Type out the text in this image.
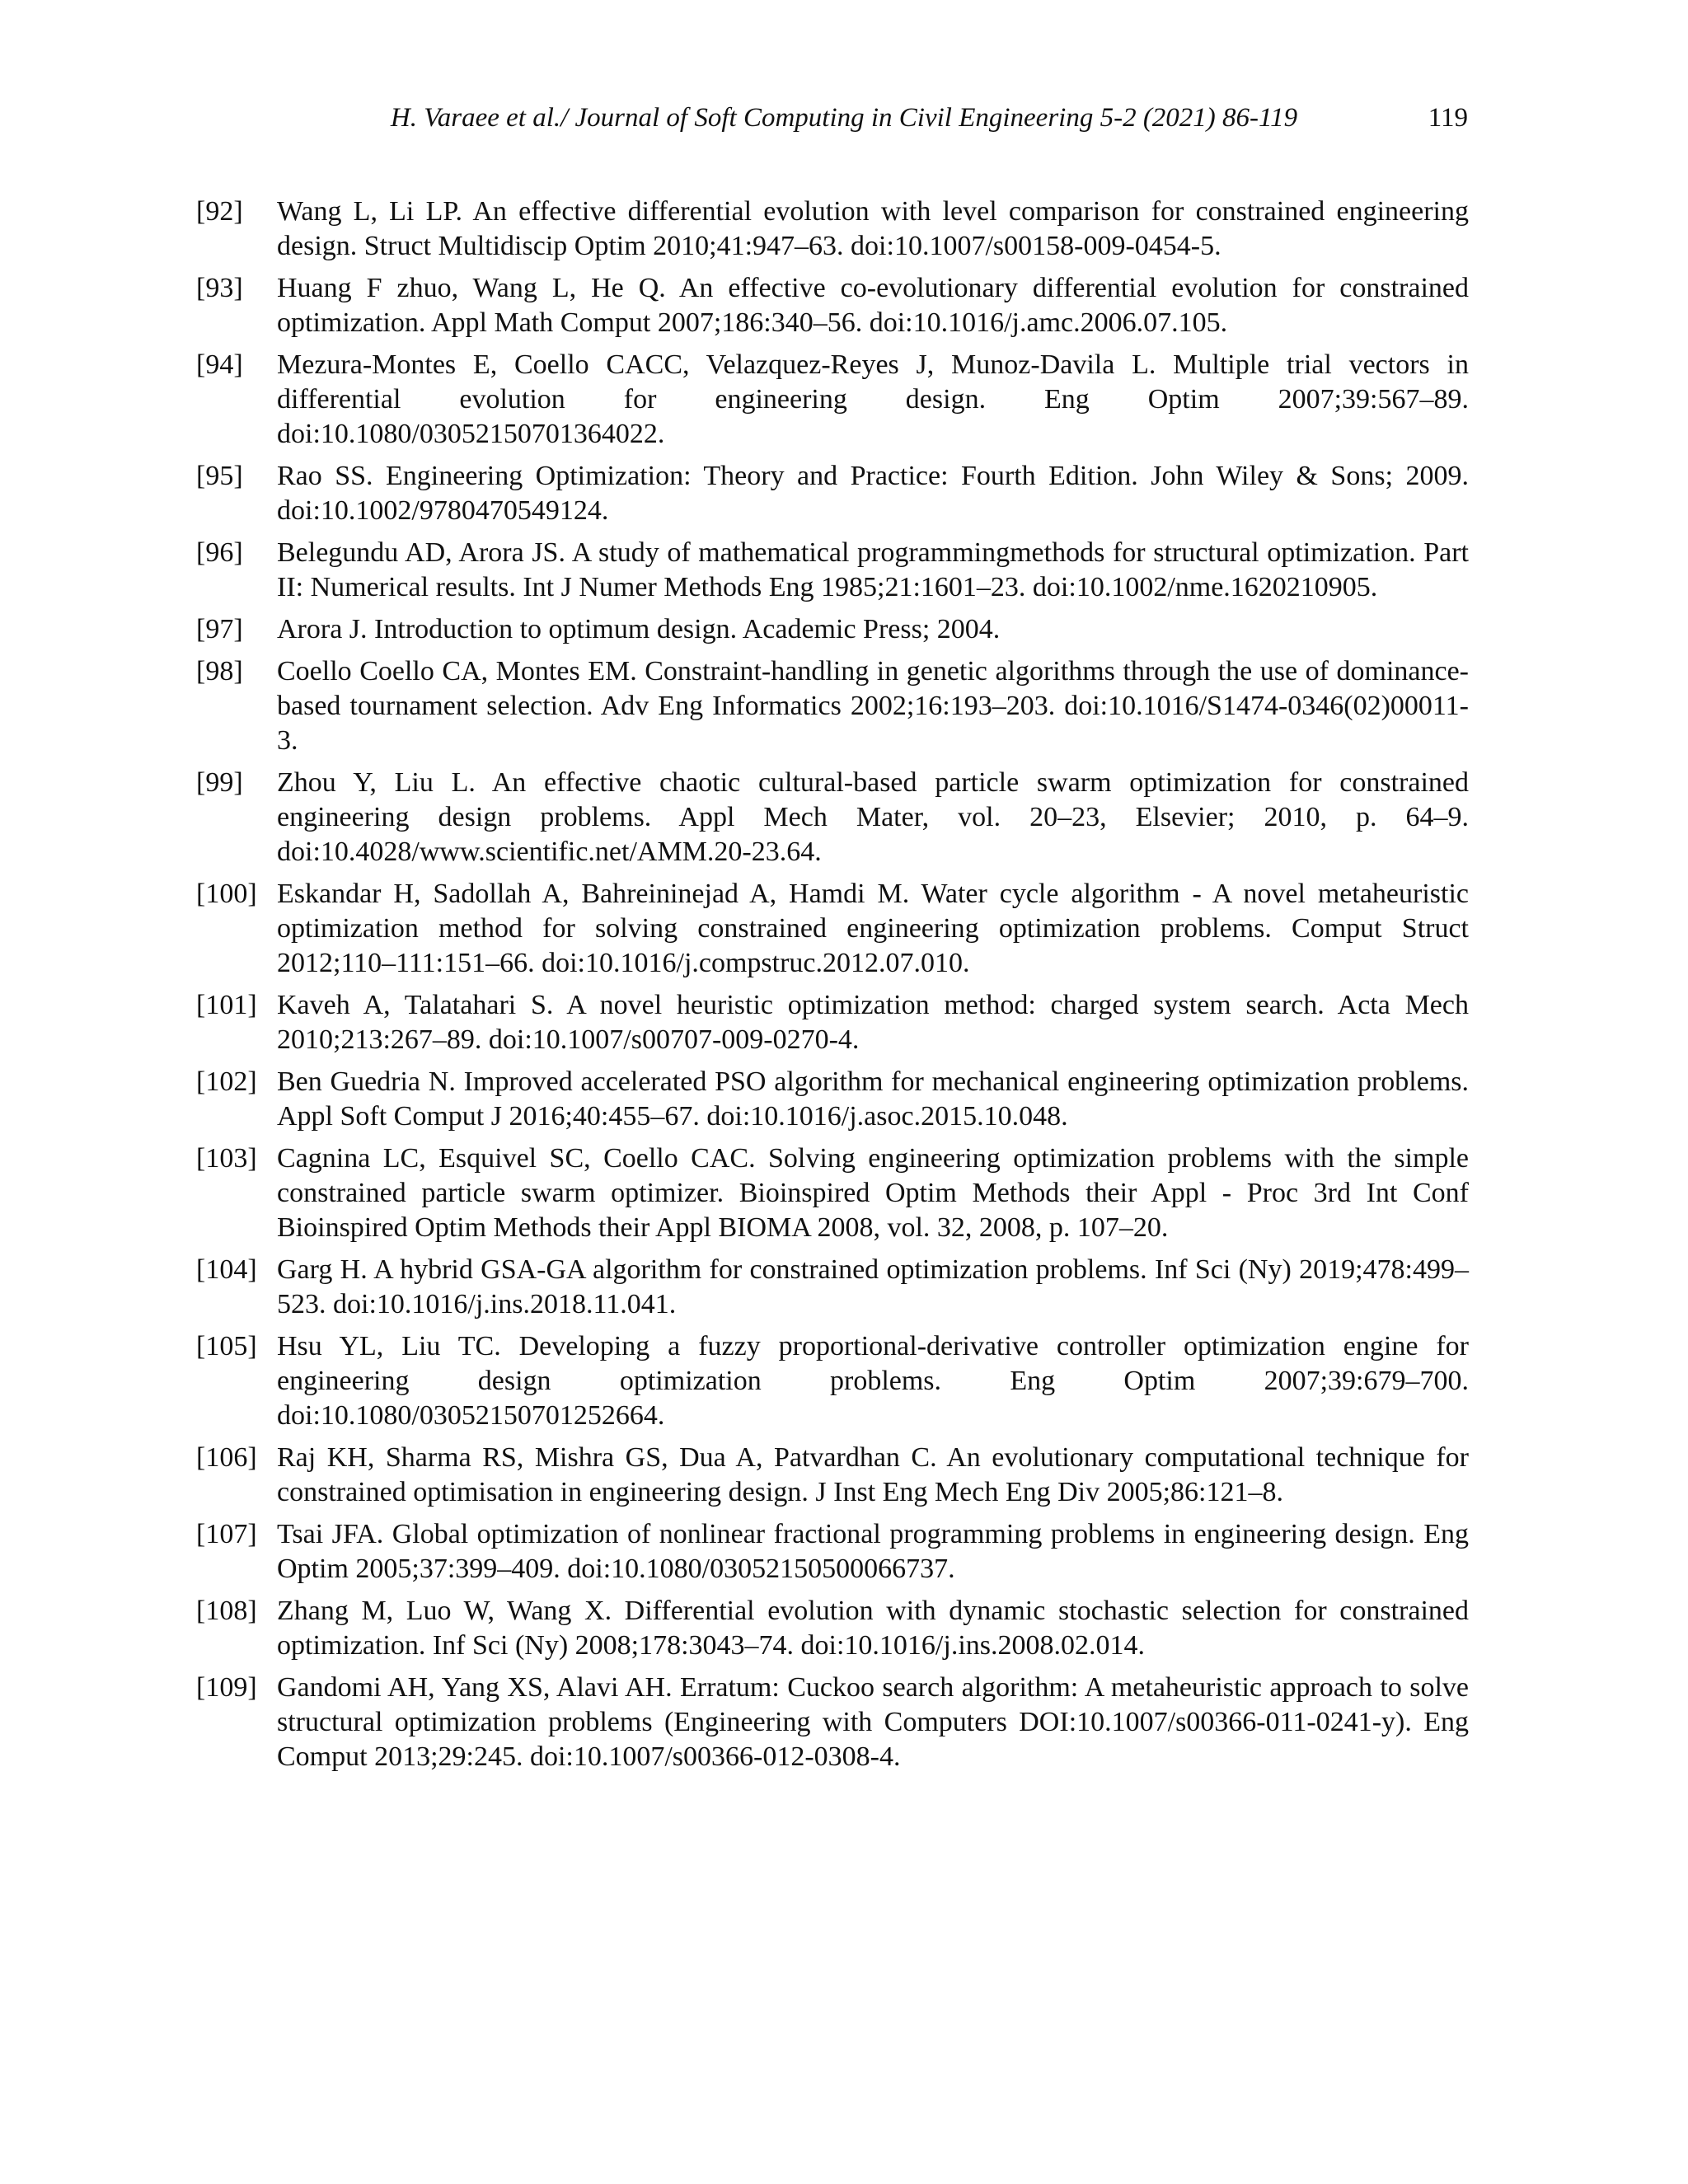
H. Varaee et al./ Journal of Soft Computing in Civil Engineering 5-2 (2021) 86-119	119
[92]	Wang L, Li LP. An effective differential evolution with level comparison for constrained engineering design. Struct Multidiscip Optim 2010;41:947–63. doi:10.1007/s00158-009-0454-5.
[93]	Huang F zhuo, Wang L, He Q. An effective co-evolutionary differential evolution for constrained optimization. Appl Math Comput 2007;186:340–56. doi:10.1016/j.amc.2006.07.105.
[94]	Mezura-Montes E, Coello CACC, Velazquez-Reyes J, Munoz-Davila L. Multiple trial vectors in differential evolution for engineering design. Eng Optim 2007;39:567–89. doi:10.1080/03052150701364022.
[95]	Rao SS. Engineering Optimization: Theory and Practice: Fourth Edition. John Wiley & Sons; 2009. doi:10.1002/9780470549124.
[96]	Belegundu AD, Arora JS. A study of mathematical programmingmethods for structural optimization. Part II: Numerical results. Int J Numer Methods Eng 1985;21:1601–23. doi:10.1002/nme.1620210905.
[97]	Arora J. Introduction to optimum design. Academic Press; 2004.
[98]	Coello Coello CA, Montes EM. Constraint-handling in genetic algorithms through the use of dominance-based tournament selection. Adv Eng Informatics 2002;16:193–203. doi:10.1016/S1474-0346(02)00011-3.
[99]	Zhou Y, Liu L. An effective chaotic cultural-based particle swarm optimization for constrained engineering design problems. Appl Mech Mater, vol. 20–23, Elsevier; 2010, p. 64–9. doi:10.4028/www.scientific.net/AMM.20-23.64.
[100] Eskandar H, Sadollah A, Bahreininejad A, Hamdi M. Water cycle algorithm - A novel metaheuristic optimization method for solving constrained engineering optimization problems. Comput Struct 2012;110–111:151–66. doi:10.1016/j.compstruc.2012.07.010.
[101] Kaveh A, Talatahari S. A novel heuristic optimization method: charged system search. Acta Mech 2010;213:267–89. doi:10.1007/s00707-009-0270-4.
[102] Ben Guedria N. Improved accelerated PSO algorithm for mechanical engineering optimization problems. Appl Soft Comput J 2016;40:455–67. doi:10.1016/j.asoc.2015.10.048.
[103] Cagnina LC, Esquivel SC, Coello CAC. Solving engineering optimization problems with the simple constrained particle swarm optimizer. Bioinspired Optim Methods their Appl - Proc 3rd Int Conf Bioinspired Optim Methods their Appl BIOMA 2008, vol. 32, 2008, p. 107–20.
[104] Garg H. A hybrid GSA-GA algorithm for constrained optimization problems. Inf Sci (Ny) 2019;478:499–523. doi:10.1016/j.ins.2018.11.041.
[105] Hsu YL, Liu TC. Developing a fuzzy proportional-derivative controller optimization engine for engineering design optimization problems. Eng Optim 2007;39:679–700. doi:10.1080/03052150701252664.
[106] Raj KH, Sharma RS, Mishra GS, Dua A, Patvardhan C. An evolutionary computational technique for constrained optimisation in engineering design. J Inst Eng Mech Eng Div 2005;86:121–8.
[107] Tsai JFA. Global optimization of nonlinear fractional programming problems in engineering design. Eng Optim 2005;37:399–409. doi:10.1080/03052150500066737.
[108] Zhang M, Luo W, Wang X. Differential evolution with dynamic stochastic selection for constrained optimization. Inf Sci (Ny) 2008;178:3043–74. doi:10.1016/j.ins.2008.02.014.
[109] Gandomi AH, Yang XS, Alavi AH. Erratum: Cuckoo search algorithm: A metaheuristic approach to solve structural optimization problems (Engineering with Computers DOI:10.1007/s00366-011-0241-y). Eng Comput 2013;29:245. doi:10.1007/s00366-012-0308-4.
